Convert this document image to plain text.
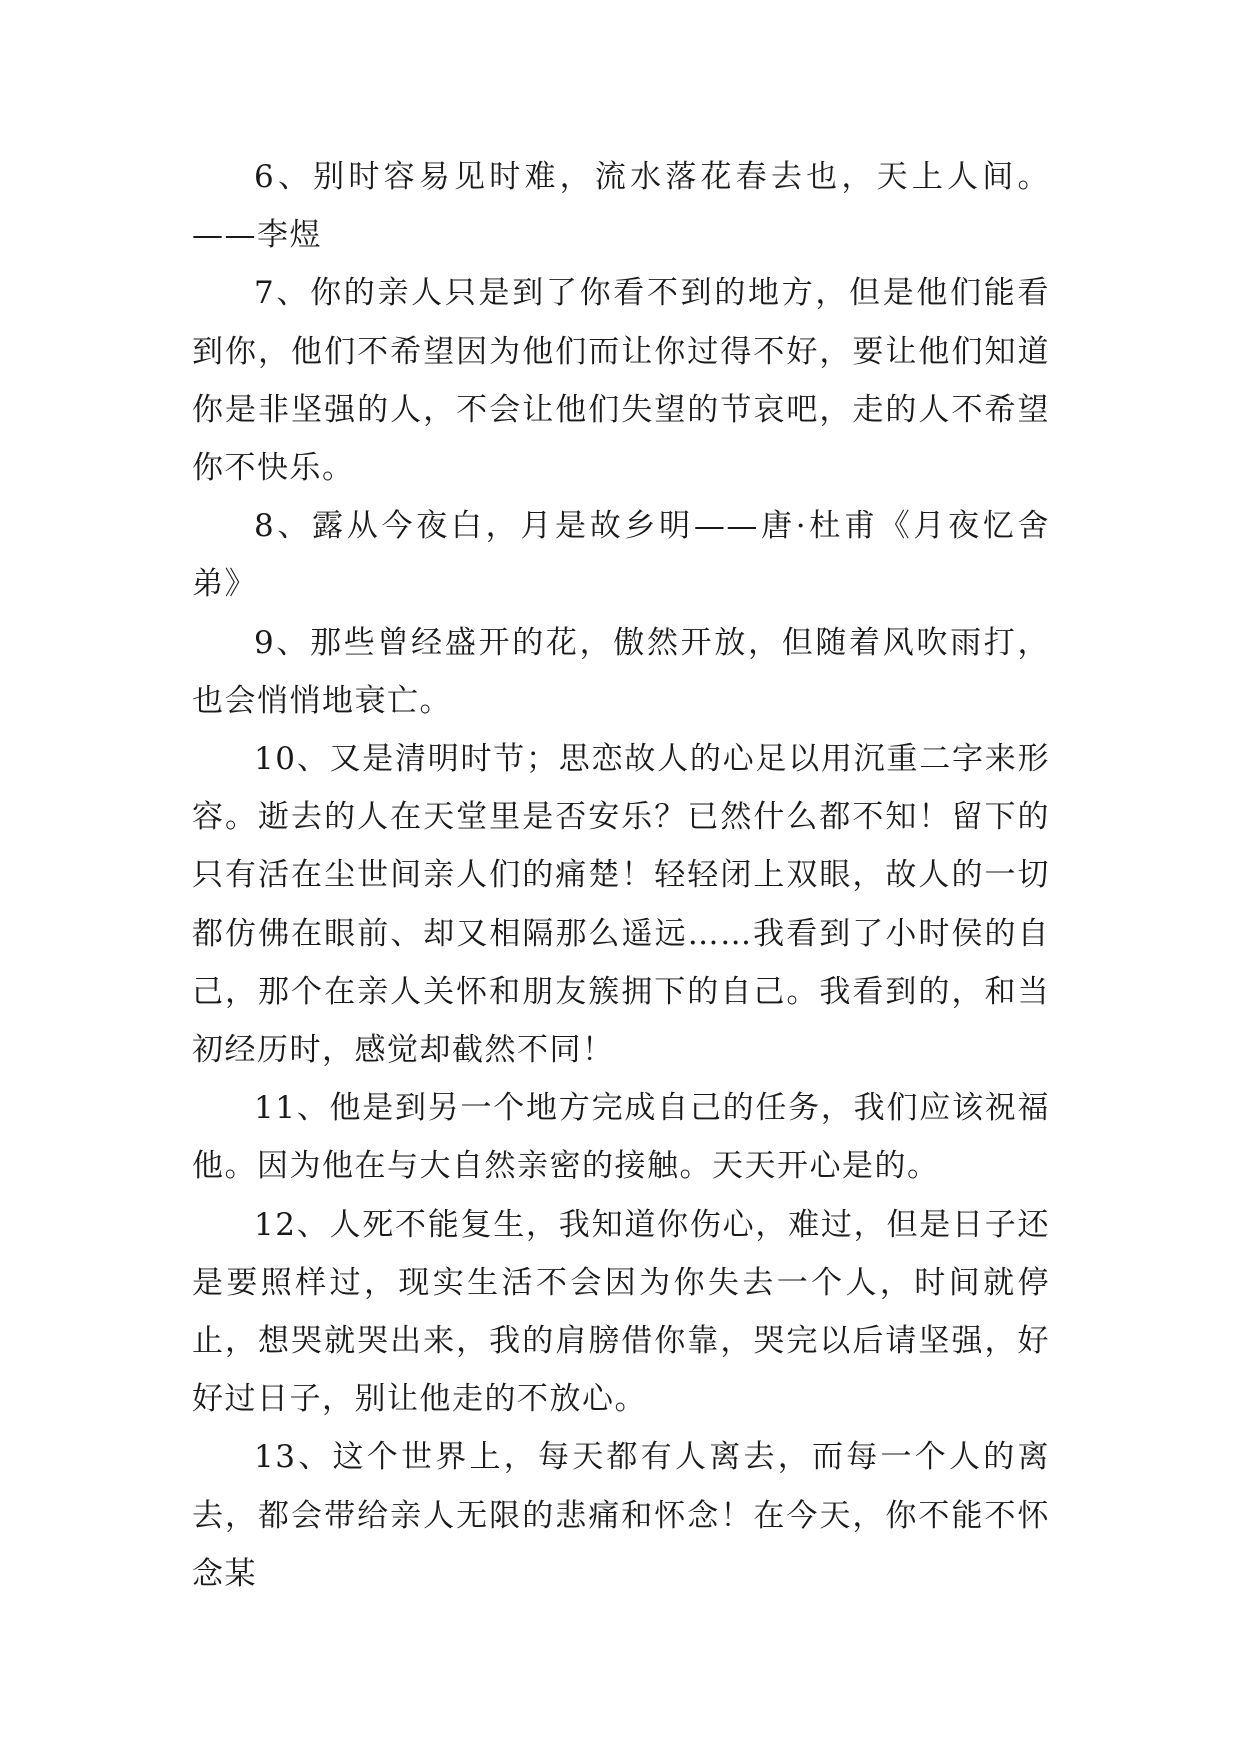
6、别时容易见时难，流水落花春去也，天上人间。——李煜

7、你的亲人只是到了你看不到的地方，但是他们能看到你，他们不希望因为他们而让你过得不好，要让他们知道你是非坚强的人，不会让他们失望的节哀吧，走的人不希望你不快乐。

8、露从今夜白，月是故乡明——唐·杜甫《月夜忆舍弟》

9、那些曾经盛开的花，傲然开放，但随着风吹雨打，也会悄悄地衰亡。

10、又是清明时节；思恋故人的心足以用沉重二字来形容。逝去的人在天堂里是否安乐？已然什么都不知！留下的只有活在尘世间亲人们的痛楚！轻轻闭上双眼，故人的一切都仿佛在眼前、却又相隔那么遥远……我看到了小时侯的自己，那个在亲人关怀和朋友簇拥下的自己。我看到的，和当初经历时，感觉却截然不同！

11、他是到另一个地方完成自己的任务，我们应该祝福他。因为他在与大自然亲密的接触。天天开心是的。

12、人死不能复生，我知道你伤心，难过，但是日子还是要照样过，现实生活不会因为你失去一个人，时间就停止，想哭就哭出来，我的肩膀借你靠，哭完以后请坚强，好好过日子，别让他走的不放心。

13、这个世界上，每天都有人离去，而每一个人的离去，都会带给亲人无限的悲痛和怀念！在今天，你不能不怀念某
